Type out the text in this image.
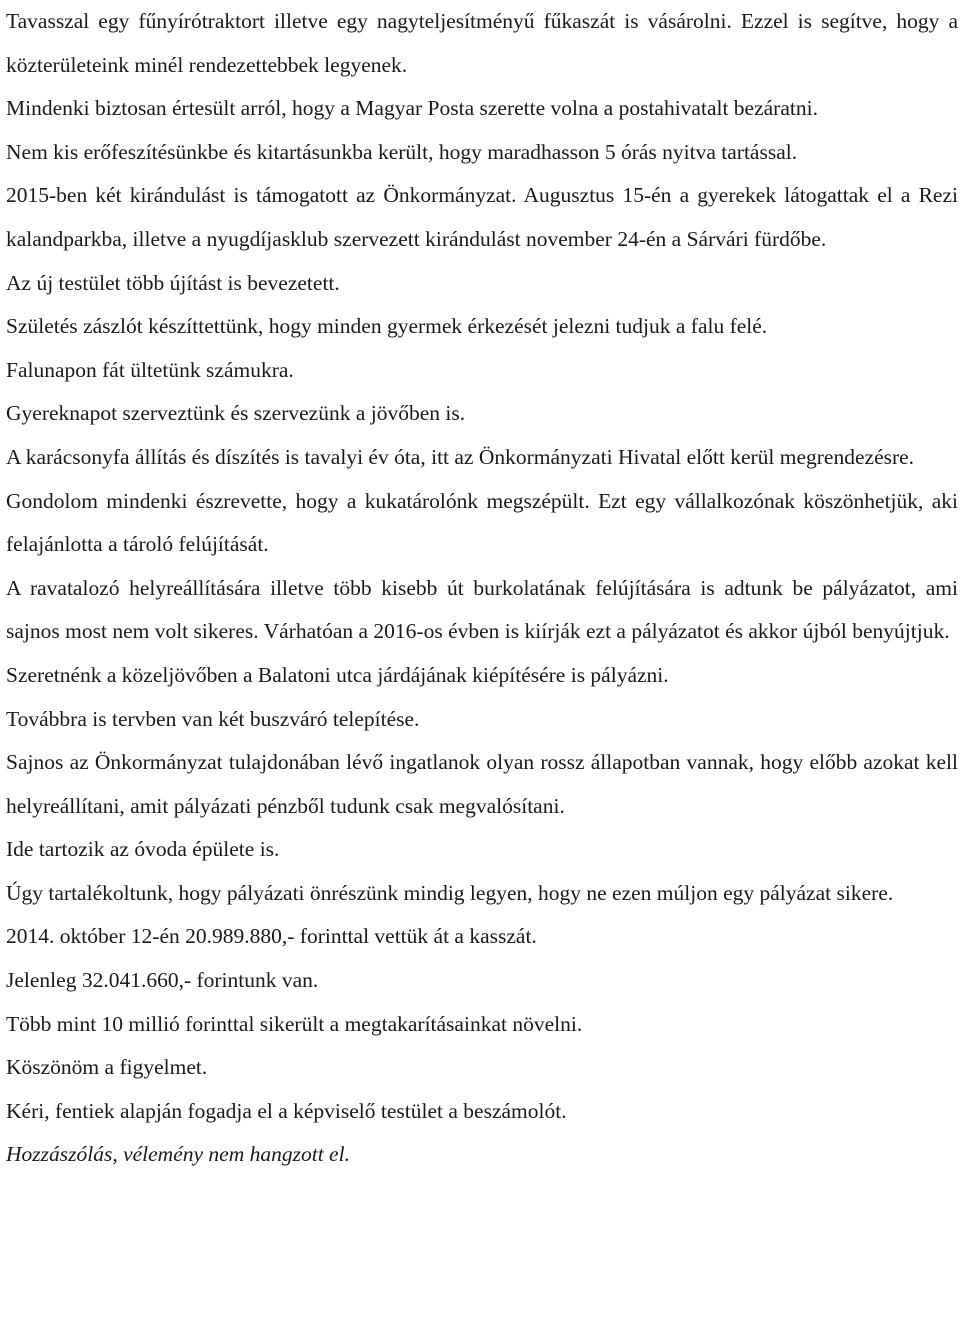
Tavasszal egy fűnyírótraktort illetve egy nagyteljesítményű fűkaszát is vásárolni. Ezzel is segítve, hogy a közterületeink minél rendezettebbek legyenek.

Mindenki biztosan értesült arról, hogy a Magyar Posta szerette volna a postahivatalt bezáratni.

Nem kis erőfeszítésünkbe és kitartásunkba került, hogy maradhasson 5 órás nyitva tartással.

2015-ben két kirándulást is támogatott az Önkormányzat. Augusztus 15-én a gyerekek látogattak el a Rezi kalandparkba, illetve a nyugdíjasklub szervezett kirándulást november 24-én a Sárvári fürdőbe.

Az új testület több újítást is bevezetett.

Születés zászlót készíttettünk, hogy minden gyermek érkezését jelezni tudjuk a falu felé.

Falunapon fát ültetünk számukra.

Gyereknapot szerveztünk és szervezünk a jövőben is.

A karácsonyfa állítás és díszítés is tavalyi év óta, itt az Önkormányzati Hivatal előtt kerül megrendezésre.

Gondolom mindenki észrevette, hogy a kukatárolónk megszépült. Ezt egy vállalkozónak köszönhetjük, aki felajánlotta a tároló felújítását.

A ravatalozó helyreállítására illetve több kisebb út burkolatának felújítására is adtunk be pályázatot, ami sajnos most nem volt sikeres. Várhatóan a 2016-os évben is kiírják ezt a pályázatot és akkor újból benyújtjuk.

Szeretnénk a közeljövőben a Balatoni utca járdájának kiépítésére is pályázni.

Továbbra is tervben van két buszváró telepítése.

Sajnos az Önkormányzat tulajdonában lévő ingatlanok olyan rossz állapotban vannak, hogy előbb azokat kell helyreállítani, amit pályázati pénzből tudunk csak megvalósítani.

Ide tartozik az óvoda épülete is.

Úgy tartalékoltunk, hogy pályázati önrészünk mindig legyen, hogy ne ezen múljon egy pályázat sikere.

2014. október 12-én 20.989.880,- forinttal vettük át a kasszát.

Jelenleg 32.041.660,- forintunk van.

Több mint 10 millió forinttal sikerült a megtakarításainkat növelni.

Köszönöm a figyelmet.

Kéri, fentiek alapján fogadja el a képviselő testület a beszámolót.

Hozzászólás, vélemény nem hangzott el.
